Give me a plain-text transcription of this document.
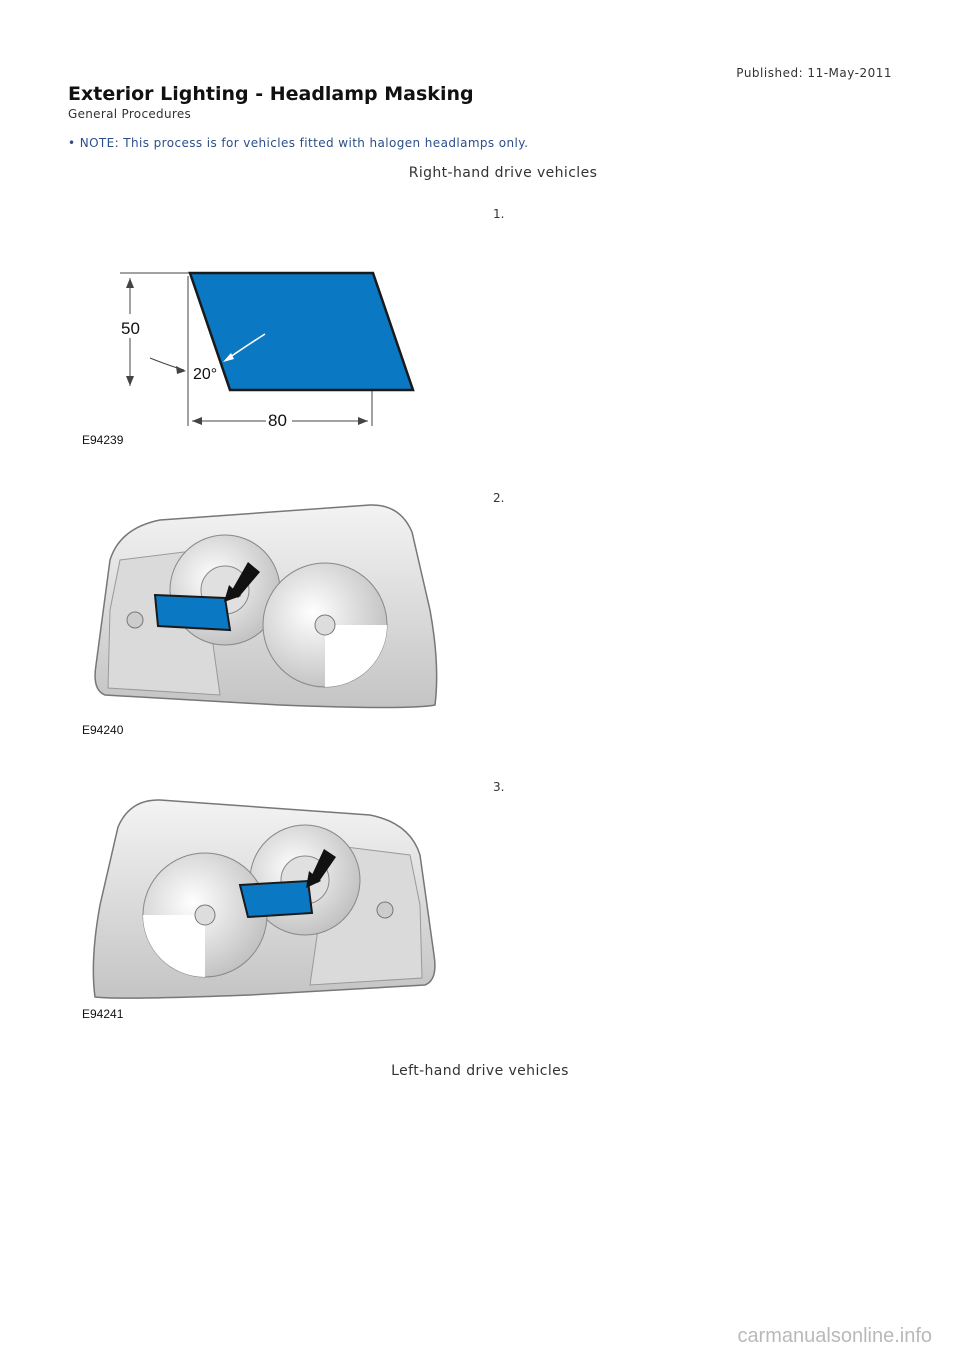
Published: 11-May-2011
Exterior Lighting - Headlamp Masking
General Procedures
• NOTE: This process is for vehicles fitted with halogen headlamps only.
Right-hand drive vehicles
1.
50
80
20°
E94239
2.
E94240
3.
E94241
Left-hand drive vehicles
carmanualsonline.info
